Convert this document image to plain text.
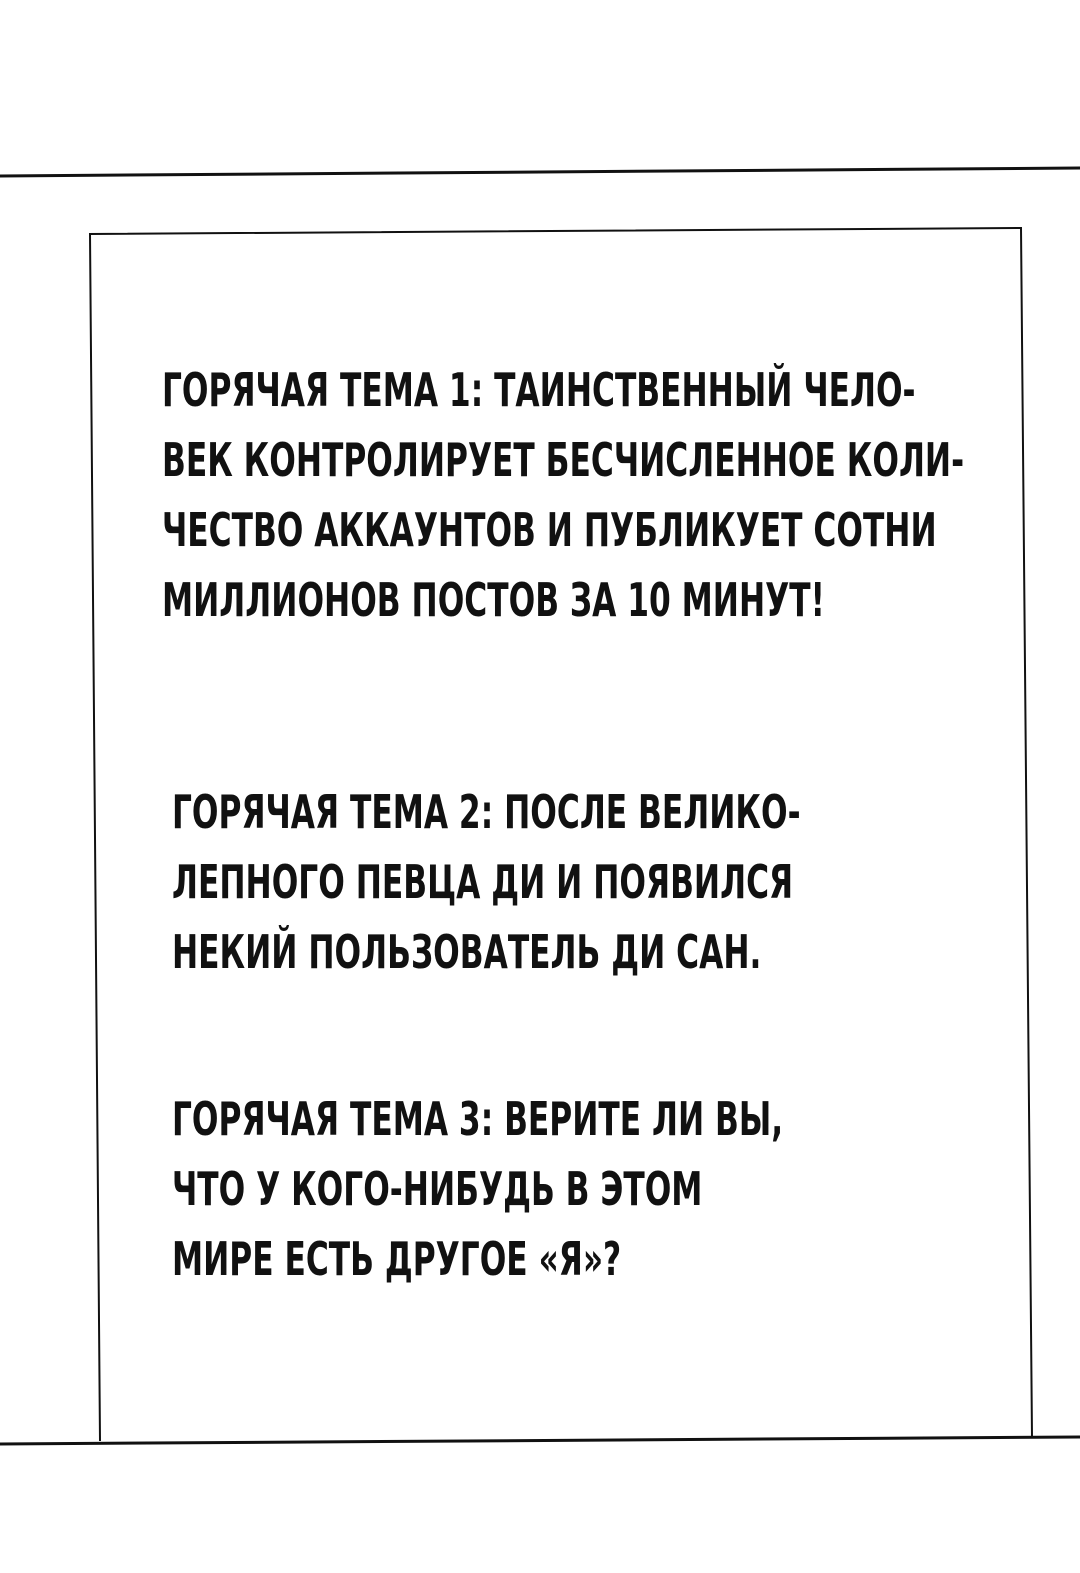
ГОРЯЧАЯ ТЕМА 1: ТАИНСТВЕННЫЙ ЧЕЛО-
ВЕК КОНТРОЛИРУЕТ БЕСЧИСЛЕННОЕ КОЛИ-
ЧЕСТВО АККАУНТОВ И ПУБЛИКУЕТ СОТНИ
МИЛЛИОНОВ ПОСТОВ ЗА 10 МИНУТ!
ГОРЯЧАЯ ТЕМА 2: ПОСЛЕ ВЕЛИКО-
ЛЕПНОГО ПЕВЦА ДИ И ПОЯВИЛСЯ
НЕКИЙ ПОЛЬЗОВАТЕЛЬ ДИ САН.
ГОРЯЧАЯ ТЕМА 3: ВЕРИТЕ ЛИ ВЫ,
ЧТО У КОГО-НИБУДЬ В ЭТОМ
МИРЕ ЕСТЬ ДРУГОЕ «Я»?
